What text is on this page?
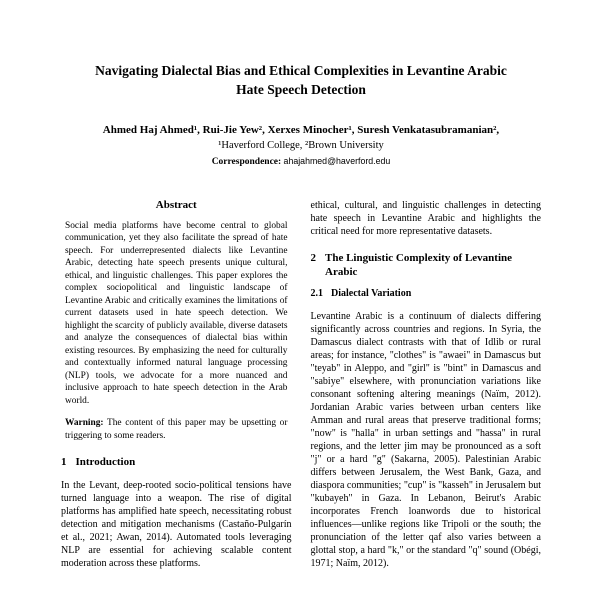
Navigating Dialectal Bias and Ethical Complexities in Levantine Arabic Hate Speech Detection
Ahmed Haj Ahmed¹, Rui-Jie Yew², Xerxes Minocher¹, Suresh Venkatasubramanian²,
¹Haverford College, ²Brown University
Correspondence: ahajahmed@haverford.edu
Abstract
Social media platforms have become central to global communication, yet they also facilitate the spread of hate speech. For underrepresented dialects like Levantine Arabic, detecting hate speech presents unique cultural, ethical, and linguistic challenges. This paper explores the complex sociopolitical and linguistic landscape of Levantine Arabic and critically examines the limitations of current datasets used in hate speech detection. We highlight the scarcity of publicly available, diverse datasets and analyze the consequences of dialectal bias within existing resources. By emphasizing the need for culturally and contextually informed natural language processing (NLP) tools, we advocate for a more nuanced and inclusive approach to hate speech detection in the Arab world.
Warning: The content of this paper may be upsetting or triggering to some readers.
1 Introduction
In the Levant, deep-rooted socio-political tensions have turned language into a weapon. The rise of digital platforms has amplified hate speech, necessitating robust detection and mitigation mechanisms (Castaño-Pulgarín et al., 2021; Awan, 2014). Automated tools leveraging NLP are essential for achieving scalable content moderation across these platforms.
ethical, cultural, and linguistic challenges in detecting hate speech in Levantine Arabic and highlights the critical need for more representative datasets.
2 The Linguistic Complexity of Levantine Arabic
2.1 Dialectal Variation
Levantine Arabic is a continuum of dialects differing significantly across countries and regions. In Syria, the Damascus dialect contrasts with that of Idlib or rural areas; for instance, "clothes" is "awaei" in Damascus but "teyab" in Aleppo, and "girl" is "bint" in Damascus and "sabiye" elsewhere, with pronunciation variations like consonant softening altering meanings (Naïm, 2012). Jordanian Arabic varies between urban centers like Amman and rural areas that preserve traditional forms; "now" is "halla" in urban settings and "hassa" in rural regions, and the letter jim may be pronounced as a soft "j" or a hard "g" (Sakarna, 2005). Palestinian Arabic differs between Jerusalem, the West Bank, Gaza, and diaspora communities; "cup" is "kasseh" in Jerusalem but "kubayeh" in Gaza. In Lebanon, Beirut's Arabic incorporates French loanwords due to historical influences—unlike regions like Tripoli or the south; the pronunciation of the letter qaf also varies between a glottal stop, a hard "k," or the standard "q" sound (Obégi, 1971; Naïm, 2012).
